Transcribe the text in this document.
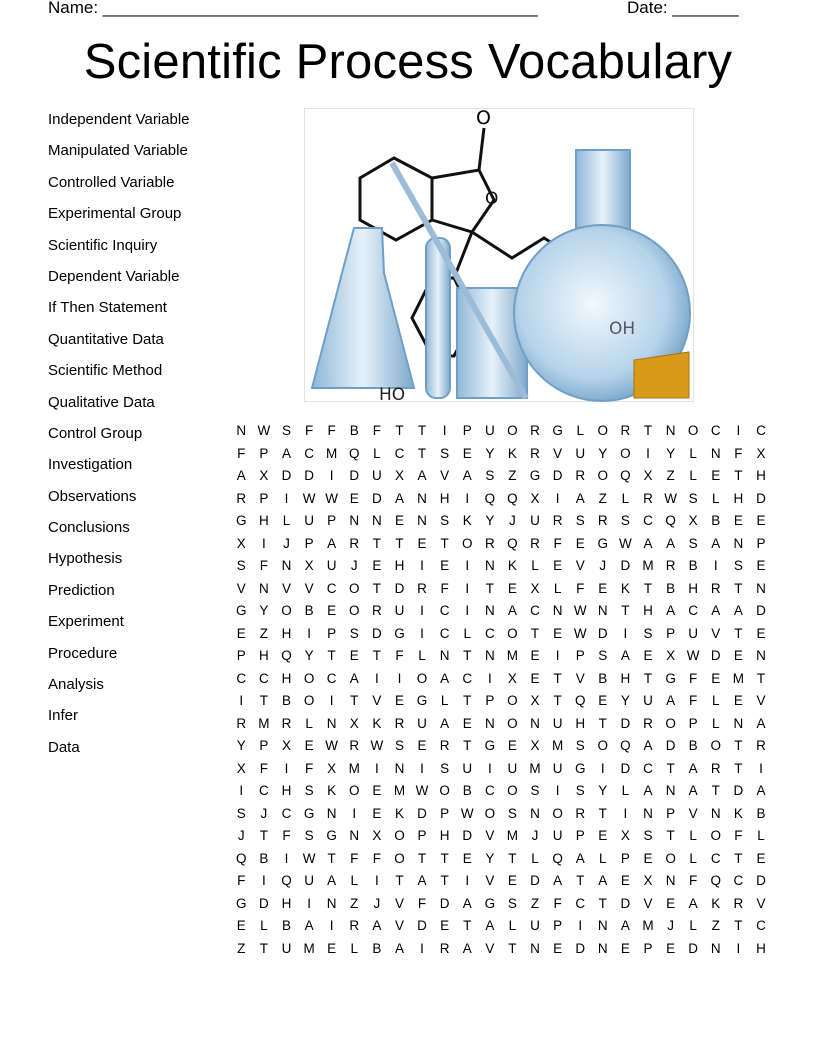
Name: ______________________________________________	Date: _______
Scientific Process Vocabulary
Independent Variable
Manipulated Variable
Controlled Variable
Experimental Group
Scientific Inquiry
Dependent Variable
If Then Statement
Quantitative Data
Scientific Method
Qualitative Data
Control Group
Investigation
Observations
Conclusions
Hypothesis
Prediction
Experiment
Procedure
Analysis
Infer
Data
O
O
OH
HO
N W S	F	F	B	F	T	T	I	P U O R G	L	O R	T	N O C	I	C
F	P	A C M Q	L	C	T	S	E	Y	K R V U Y O	I	Y	L	N	F	X
A	X D D	I	D U X	A	V	A	S	Z G D R O Q X	Z	L	E	T	H
R P	I	W W E D A N H	I	Q Q X	I	A	Z	L	R W S	L	H D
G H	L	U P N N E N S	K	Y	J	U R S R S C Q X	B	E	E
X	I	J	P	A R	T	T	E	T O R Q R	F	E G W A	A	S	A N P
S	F	N X U	J	E H	I	E	I	N K	L	E	V	J	D M R B	I	S	E
V N V	V C O T	D R	F	I	T	E	X	L	F	E	K	T	B H R	T	N
G Y O B	E O R U	I	C	I	N A C N W N	T	H A C A	A D
E	Z	H	I	P	S D G	I	C	L	C O T	E W D	I	S	P U V	T	E
P H Q Y	T	E	T	F	L	N	T	N M E	I	P	S	A	E	X W D E N
C C H O C A	I	I	O A C	I	X	E	T	V	B H	T G F	E M T
I	T	B O	I	T	V	E G	L	T	P O X	T Q E	Y U A	F	L	E	V
R M R	L	N X	K R U A	E N O N U H	T	D R O P	L	N A
Y	P	X	E W R W S	E R	T G E	X M S O Q A D B O T	R
X	F	I	F	X M	I	N	I	S U	I	U M U G	I	D C	T	A R	T	I
I	C H S	K O E M W O B C O S	I	S	Y	L	A N A	T	D A
S	J	C G N	I	E	K D P W O S N O R	T	I	N P	V N K	B
J	T	F	S G N X O P H D V M	J	U P	E	X	S	T	L	O F	L
Q B	I	W T	F	F O T	T	E	Y	T	L	Q A	L	P	E O	L	C	T	E
F	I	Q U A	L	I	T	A	T	I	V	E D A	T	A	E	X N	F Q C D
G D H	I	N	Z	J	V	F	D A G S	Z	F	C	T	D V	E	A	K R V
E	L	B	A	I	R A	V D E	T	A	L	U P	I	N A M	J	L	Z	T	C
Z	T	U M E	L	B	A	I	R A	V	T	N E D N E	P	E D N	I	H
